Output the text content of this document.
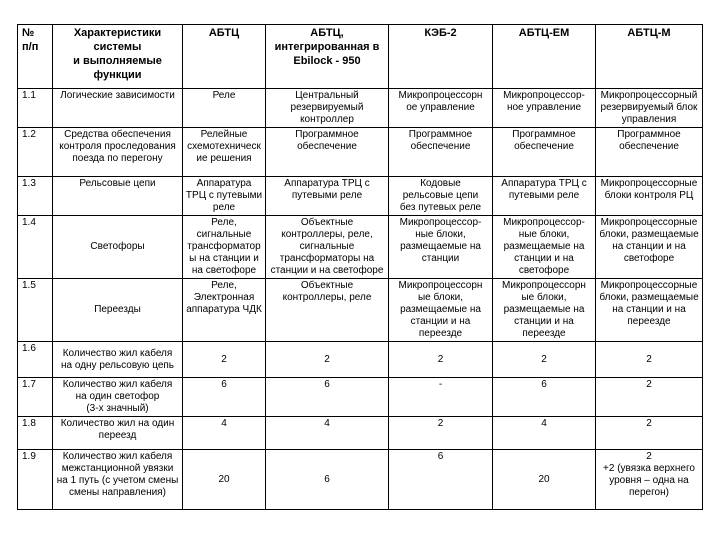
№
п/п	Характеристики
системы
и выполняемые
функции	АБТЦ	АБТЦ,
интегрированная в
Ebilock - 950	КЭБ-2	АБТЦ-ЕМ	АБТЦ-М
1.1	Логические зависимости	Реле	Центральный
резервируемый
контроллер	Микропроцессорн
ое управление	Микропроцессор-
ное управление	Микропроцессорный
резервируемый блок
управления
1.2	Средства обеспечения
контроля проследования
поезда по перегону	Релейные
схемотехническ
ие решения	Программное
обеспечение	Программное
обеспечение	Программное
обеспечение	Программное
обеспечение
1.3	Рельсовые цепи	Аппаратура
ТРЦ с путевыми
реле	Аппаратура ТРЦ с
путевыми реле	Кодовые
рельсовые цепи
без путевых реле	Аппаратура ТРЦ с
путевыми реле	Микропроцессорные
блоки контроля РЦ
1.4	Светофоры	Реле,
сигнальные
трансформатор
ы на станции и
на светофоре	Объектные
контроллеры, реле,
сигнальные
трансформаторы на
станции и на светофоре	Микропроцессор-
ные блоки,
размещаемые на
станции	Микропроцессор-
ные блоки,
размещаемые на
станции и на
светофоре	Микропроцессорные
блоки, размещаемые
на станции и на
светофоре
1.5	Переезды	Реле,
Электронная
аппаратура ЧДК	Объектные
контроллеры, реле	Микропроцессорн
ые блоки,
размещаемые на
станции и на
переезде	Микропроцессорн
ые блоки,
размещаемые на
станции и на
переезде	Микропроцессорные
блоки, размещаемые
на станции и на
переезде
1.6	Количество жил кабеля
на одну рельсовую цепь	2	2	2	2	2
1.7	Количество жил кабеля
на один светофор
(3-х значный)	6	6	-	6	2
1.8	Количество жил на один
переезд	4	4	2	4	2
1.9	Количество жил кабеля
межстанционной увязки
на 1 путь (с учетом смены
смены направления)	20	6	6	20	2
+2 (увязка верхнего
уровня – одна на
перегон)
